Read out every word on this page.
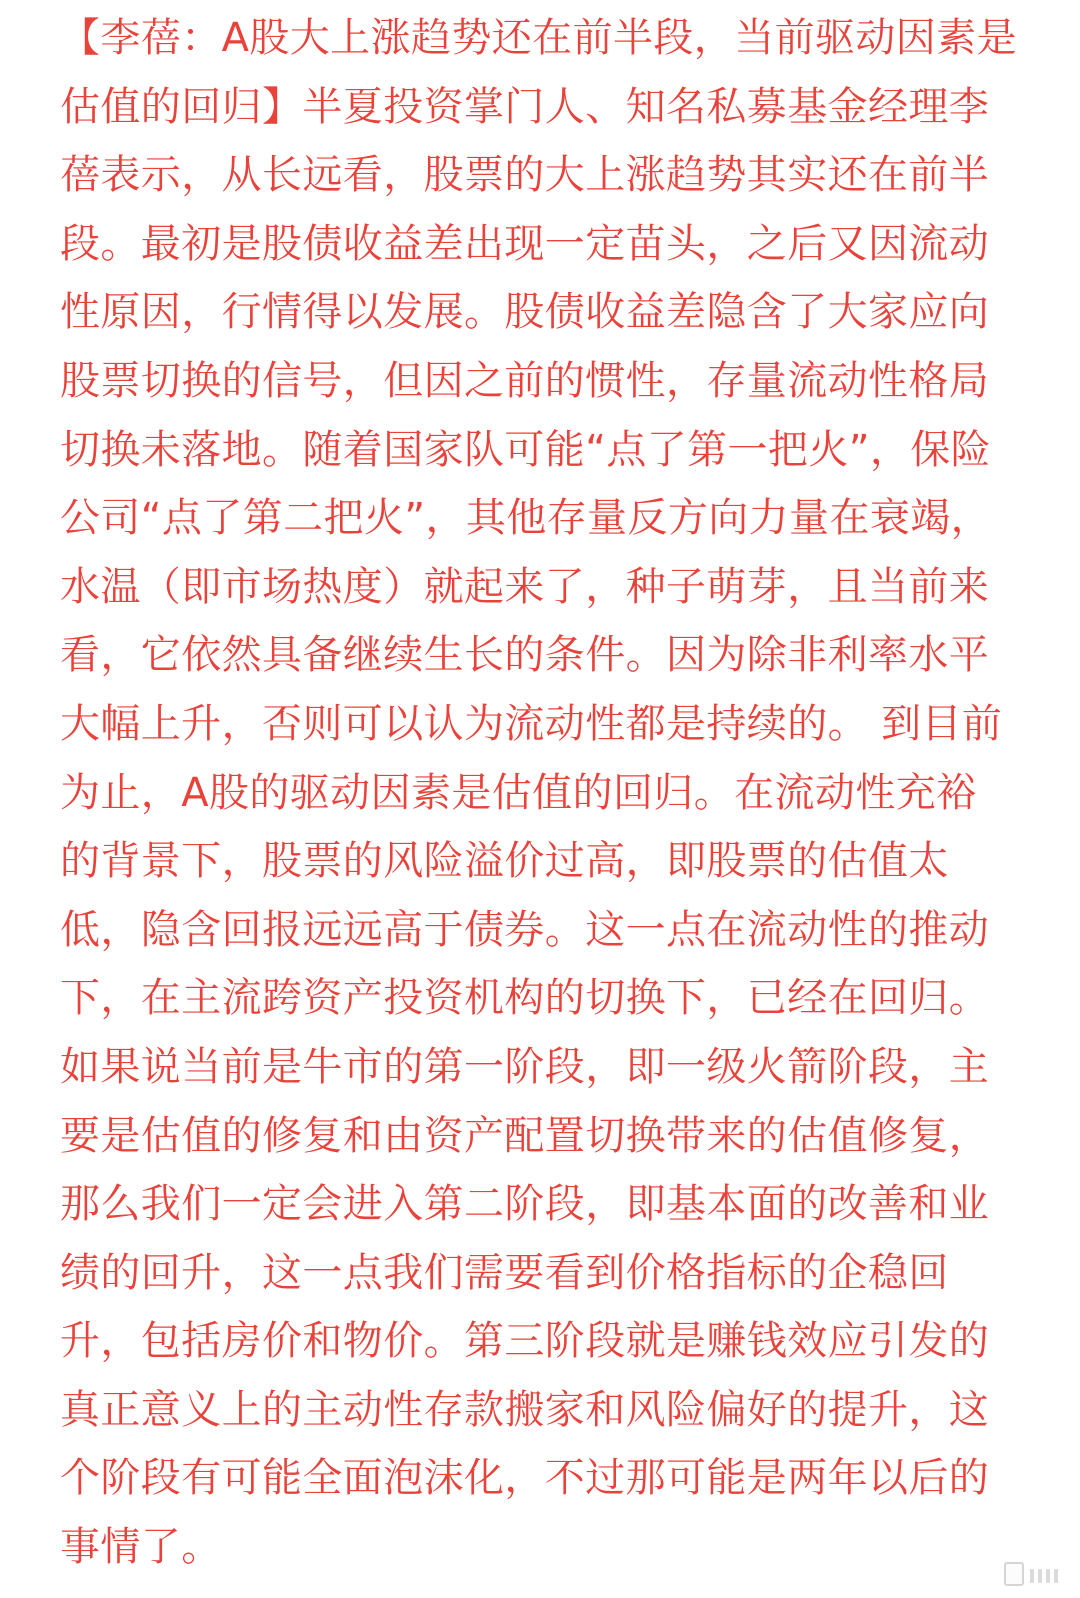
【李蓓：A股大上涨趋势还在前半段，当前驱动因素是
估值的回归】半夏投资掌门人、知名私募基金经理李
蓓表示，从长远看，股票的大上涨趋势其实还在前半
段。最初是股债收益差出现一定苗头，之后又因流动
性原因，行情得以发展。股债收益差隐含了大家应向
股票切换的信号，但因之前的惯性，存量流动性格局
切换未落地。随着国家队可能“点了第一把火”，保险
公司“点了第二把火”，其他存量反方向力量在衰竭，
水温（即市场热度）就起来了，种子萌芽，且当前来
看，它依然具备继续生长的条件。因为除非利率水平
大幅上升，否则可以认为流动性都是持续的。 到目前
为止，A股的驱动因素是估值的回归。在流动性充裕
的背景下，股票的风险溢价过高，即股票的估值太
低，隐含回报远远高于债券。这一点在流动性的推动
下，在主流跨资产投资机构的切换下，已经在回归。
如果说当前是牛市的第一阶段，即一级火箭阶段，主
要是估值的修复和由资产配置切换带来的估值修复，
那么我们一定会进入第二阶段，即基本面的改善和业
绩的回升，这一点我们需要看到价格指标的企稳回
升，包括房价和物价。第三阶段就是赚钱效应引发的
真正意义上的主动性存款搬家和风险偏好的提升，这
个阶段有可能全面泡沫化，不过那可能是两年以后的
事情了。
